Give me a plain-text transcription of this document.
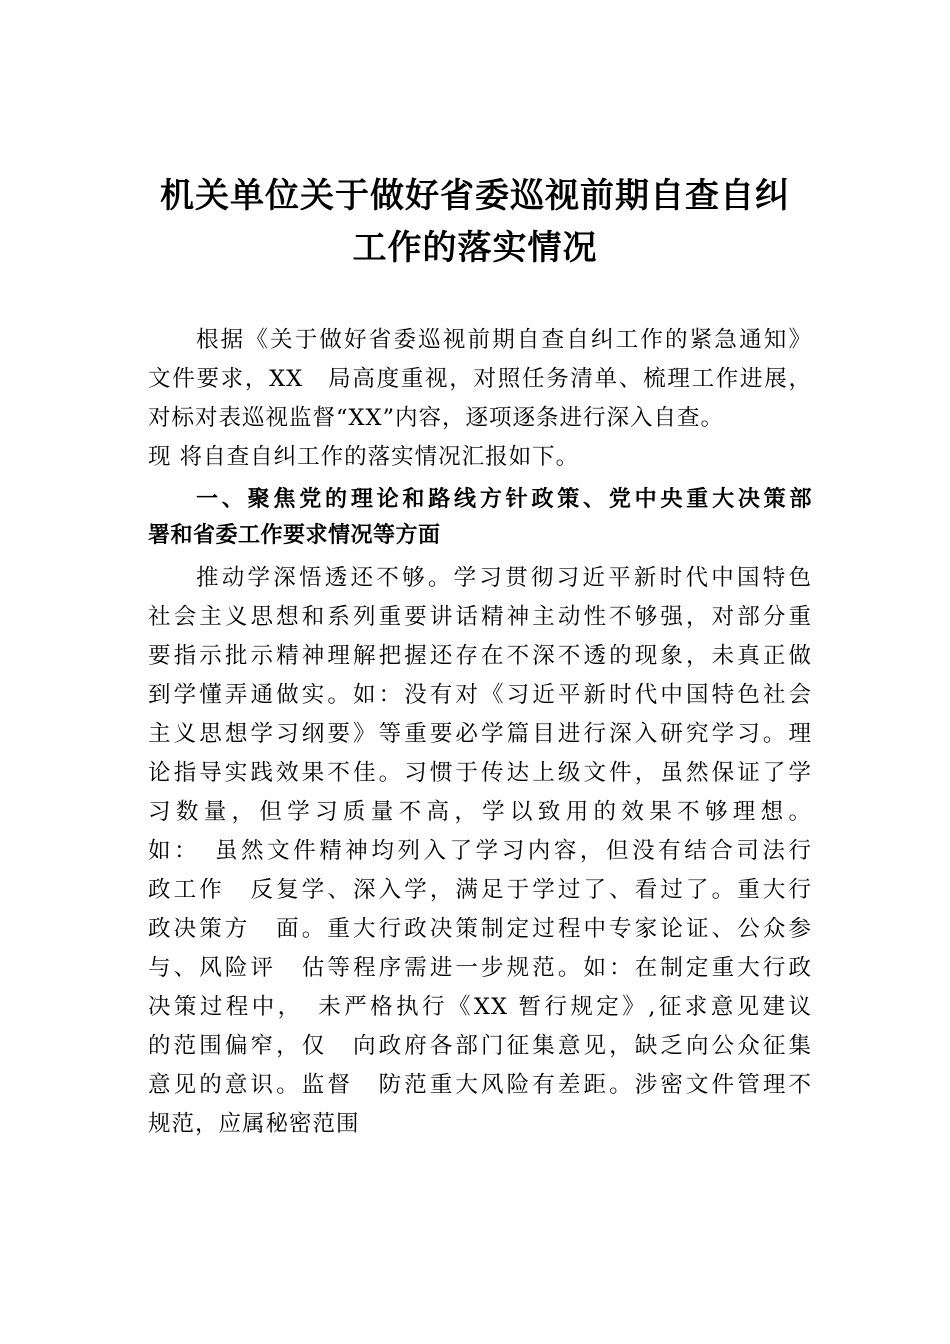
机关单位关于做好省委巡视前期自查自纠
工作的落实情况
根据《关于做好省委巡视前期自查自纠工作的紧急通知》
文件要求，XX　局高度重视，对照任务清单、梳理工作进展，
对标对表巡视监督“XX”内容，逐项逐条进行深入自查。
现 将自查自纠工作的落实情况汇报如下。
一、聚焦党的理论和路线方针政策、党中央重大决策部
署和省委工作要求情况等方面
推动学深悟透还不够。学习贯彻习近平新时代中国特色
社会主义思想和系列重要讲话精神主动性不够强，对部分重
要指示批示精神理解把握还存在不深不透的现象，未真正做
到学懂弄通做实。如：没有对《习近平新时代中国特色社会
主义思想学习纲要》等重要必学篇目进行深入研究学习。理
论指导实践效果不佳。习惯于传达上级文件，虽然保证了学
习数量，但学习质量不高，学以致用的效果不够理想。
如：　虽然文件精神均列入了学习内容，但没有结合司法行
政工作　反复学、深入学，满足于学过了、看过了。重大行
政决策方　面。重大行政决策制定过程中专家论证、公众参
与、风险评　估等程序需进一步规范。如：在制定重大行政
决策过程中，　未严格执行《XX 暂行规定》,征求意见建议
的范围偏窄，仅　向政府各部门征集意见，缺乏向公众征集
意见的意识。监督　防范重大风险有差距。涉密文件管理不
规范，应属秘密范围
